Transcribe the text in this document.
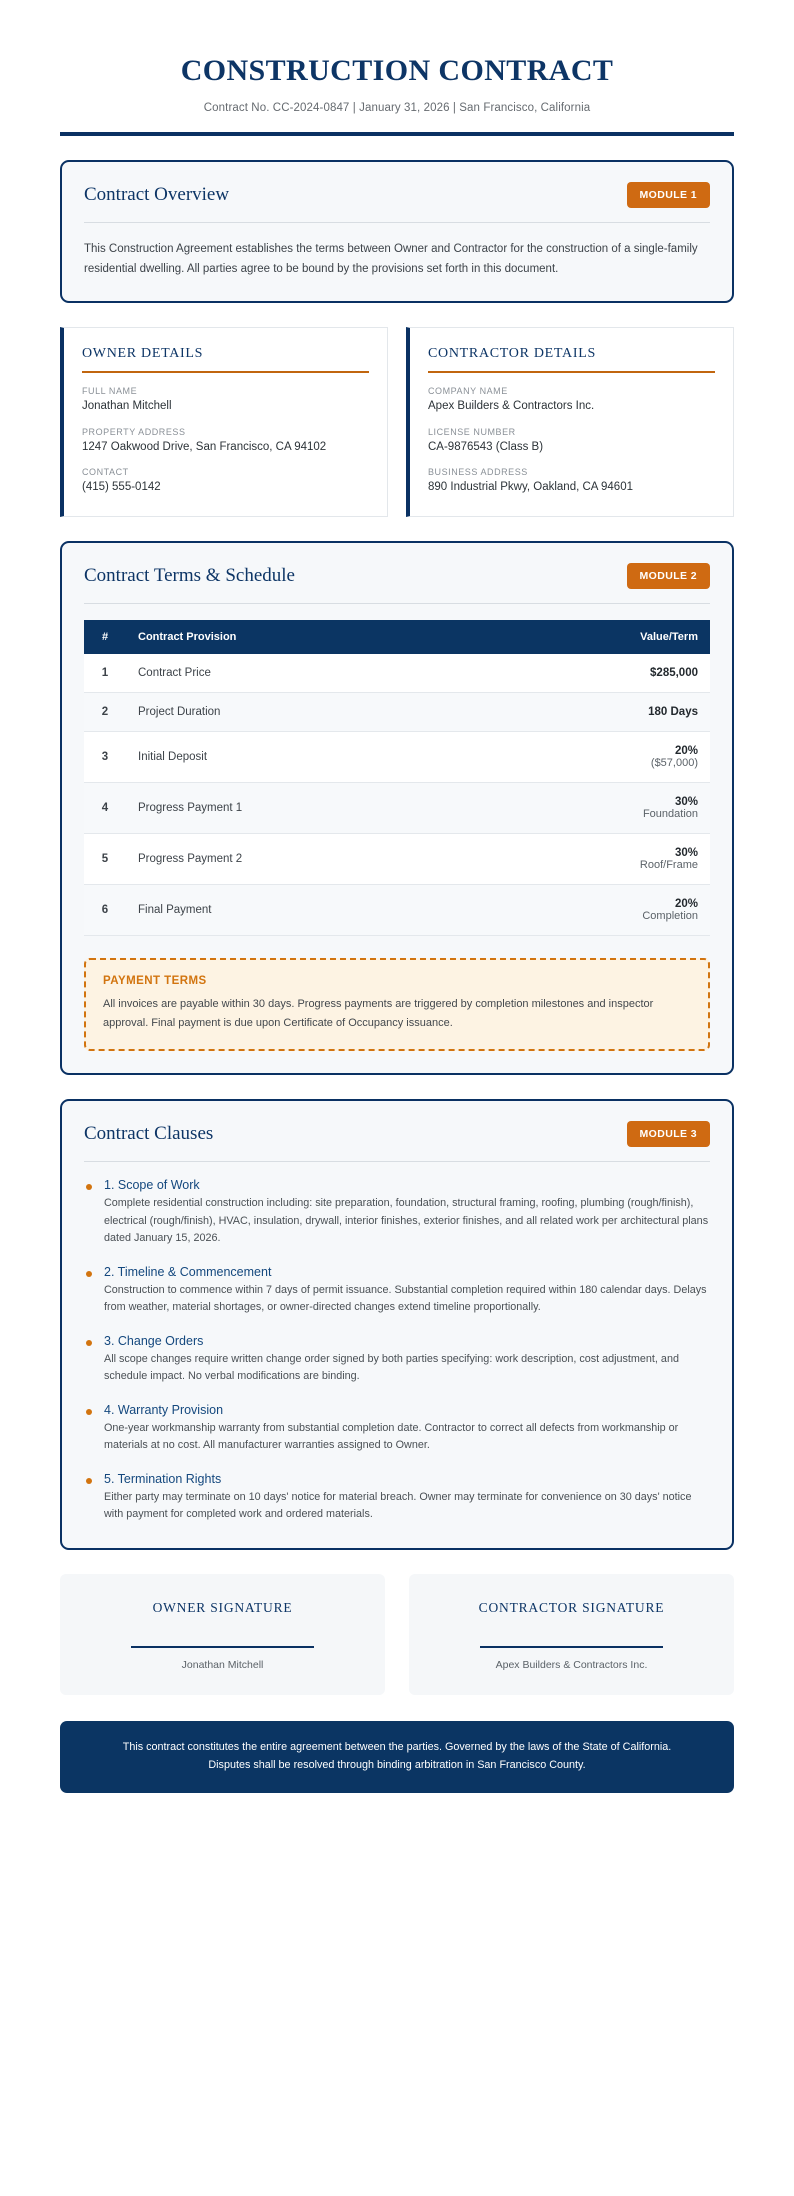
CONSTRUCTION CONTRACT
Contract No. CC-2024-0847 | January 31, 2026 | San Francisco, California
Contract Overview	MODULE 1
This Construction Agreement establishes the terms between Owner and Contractor for the construction of a single-family residential dwelling. All parties agree to be bound by the provisions set forth in this document.
OWNER DETAILS
FULL NAME
Jonathan Mitchell
PROPERTY ADDRESS
1247 Oakwood Drive, San Francisco, CA 94102
CONTACT
(415) 555-0142
CONTRACTOR DETAILS
COMPANY NAME
Apex Builders & Contractors Inc.
LICENSE NUMBER
CA-9876543 (Class B)
BUSINESS ADDRESS
890 Industrial Pkwy, Oakland, CA 94601
Contract Terms & Schedule	MODULE 2
#	Contract Provision	Value/Term
1	Contract Price	$285,000

2	Project Duration	180 Days

3	Initial Deposit	20%
($57,000)

4	Progress Payment 1	30%
Foundation

5	Progress Payment 2	30%
Roof/Frame

6	Final Payment	20%
Completion
PAYMENT TERMS
All invoices are payable within 30 days. Progress payments are triggered by completion milestones and inspector approval. Final payment is due upon Certificate of Occupancy issuance.
Contract Clauses	MODULE 3
1. Scope of Work
Complete residential construction including: site preparation, foundation, structural framing, roofing, plumbing (rough/finish), electrical (rough/finish), HVAC, insulation, drywall, interior finishes, exterior finishes, and all related work per architectural plans dated January 15, 2026.
2. Timeline & Commencement
Construction to commence within 7 days of permit issuance. Substantial completion required within 180 calendar days. Delays from weather, material shortages, or owner-directed changes extend timeline proportionally.
3. Change Orders
All scope changes require written change order signed by both parties specifying: work description, cost adjustment, and schedule impact. No verbal modifications are binding.
4. Warranty Provision
One-year workmanship warranty from substantial completion date. Contractor to correct all defects from workmanship or materials at no cost. All manufacturer warranties assigned to Owner.
5. Termination Rights
Either party may terminate on 10 days' notice for material breach. Owner may terminate for convenience on 30 days' notice with payment for completed work and ordered materials.
OWNER SIGNATURE
Jonathan Mitchell
CONTRACTOR SIGNATURE
Apex Builders & Contractors Inc.
This contract constitutes the entire agreement between the parties. Governed by the laws of the State of California.
Disputes shall be resolved through binding arbitration in San Francisco County.
